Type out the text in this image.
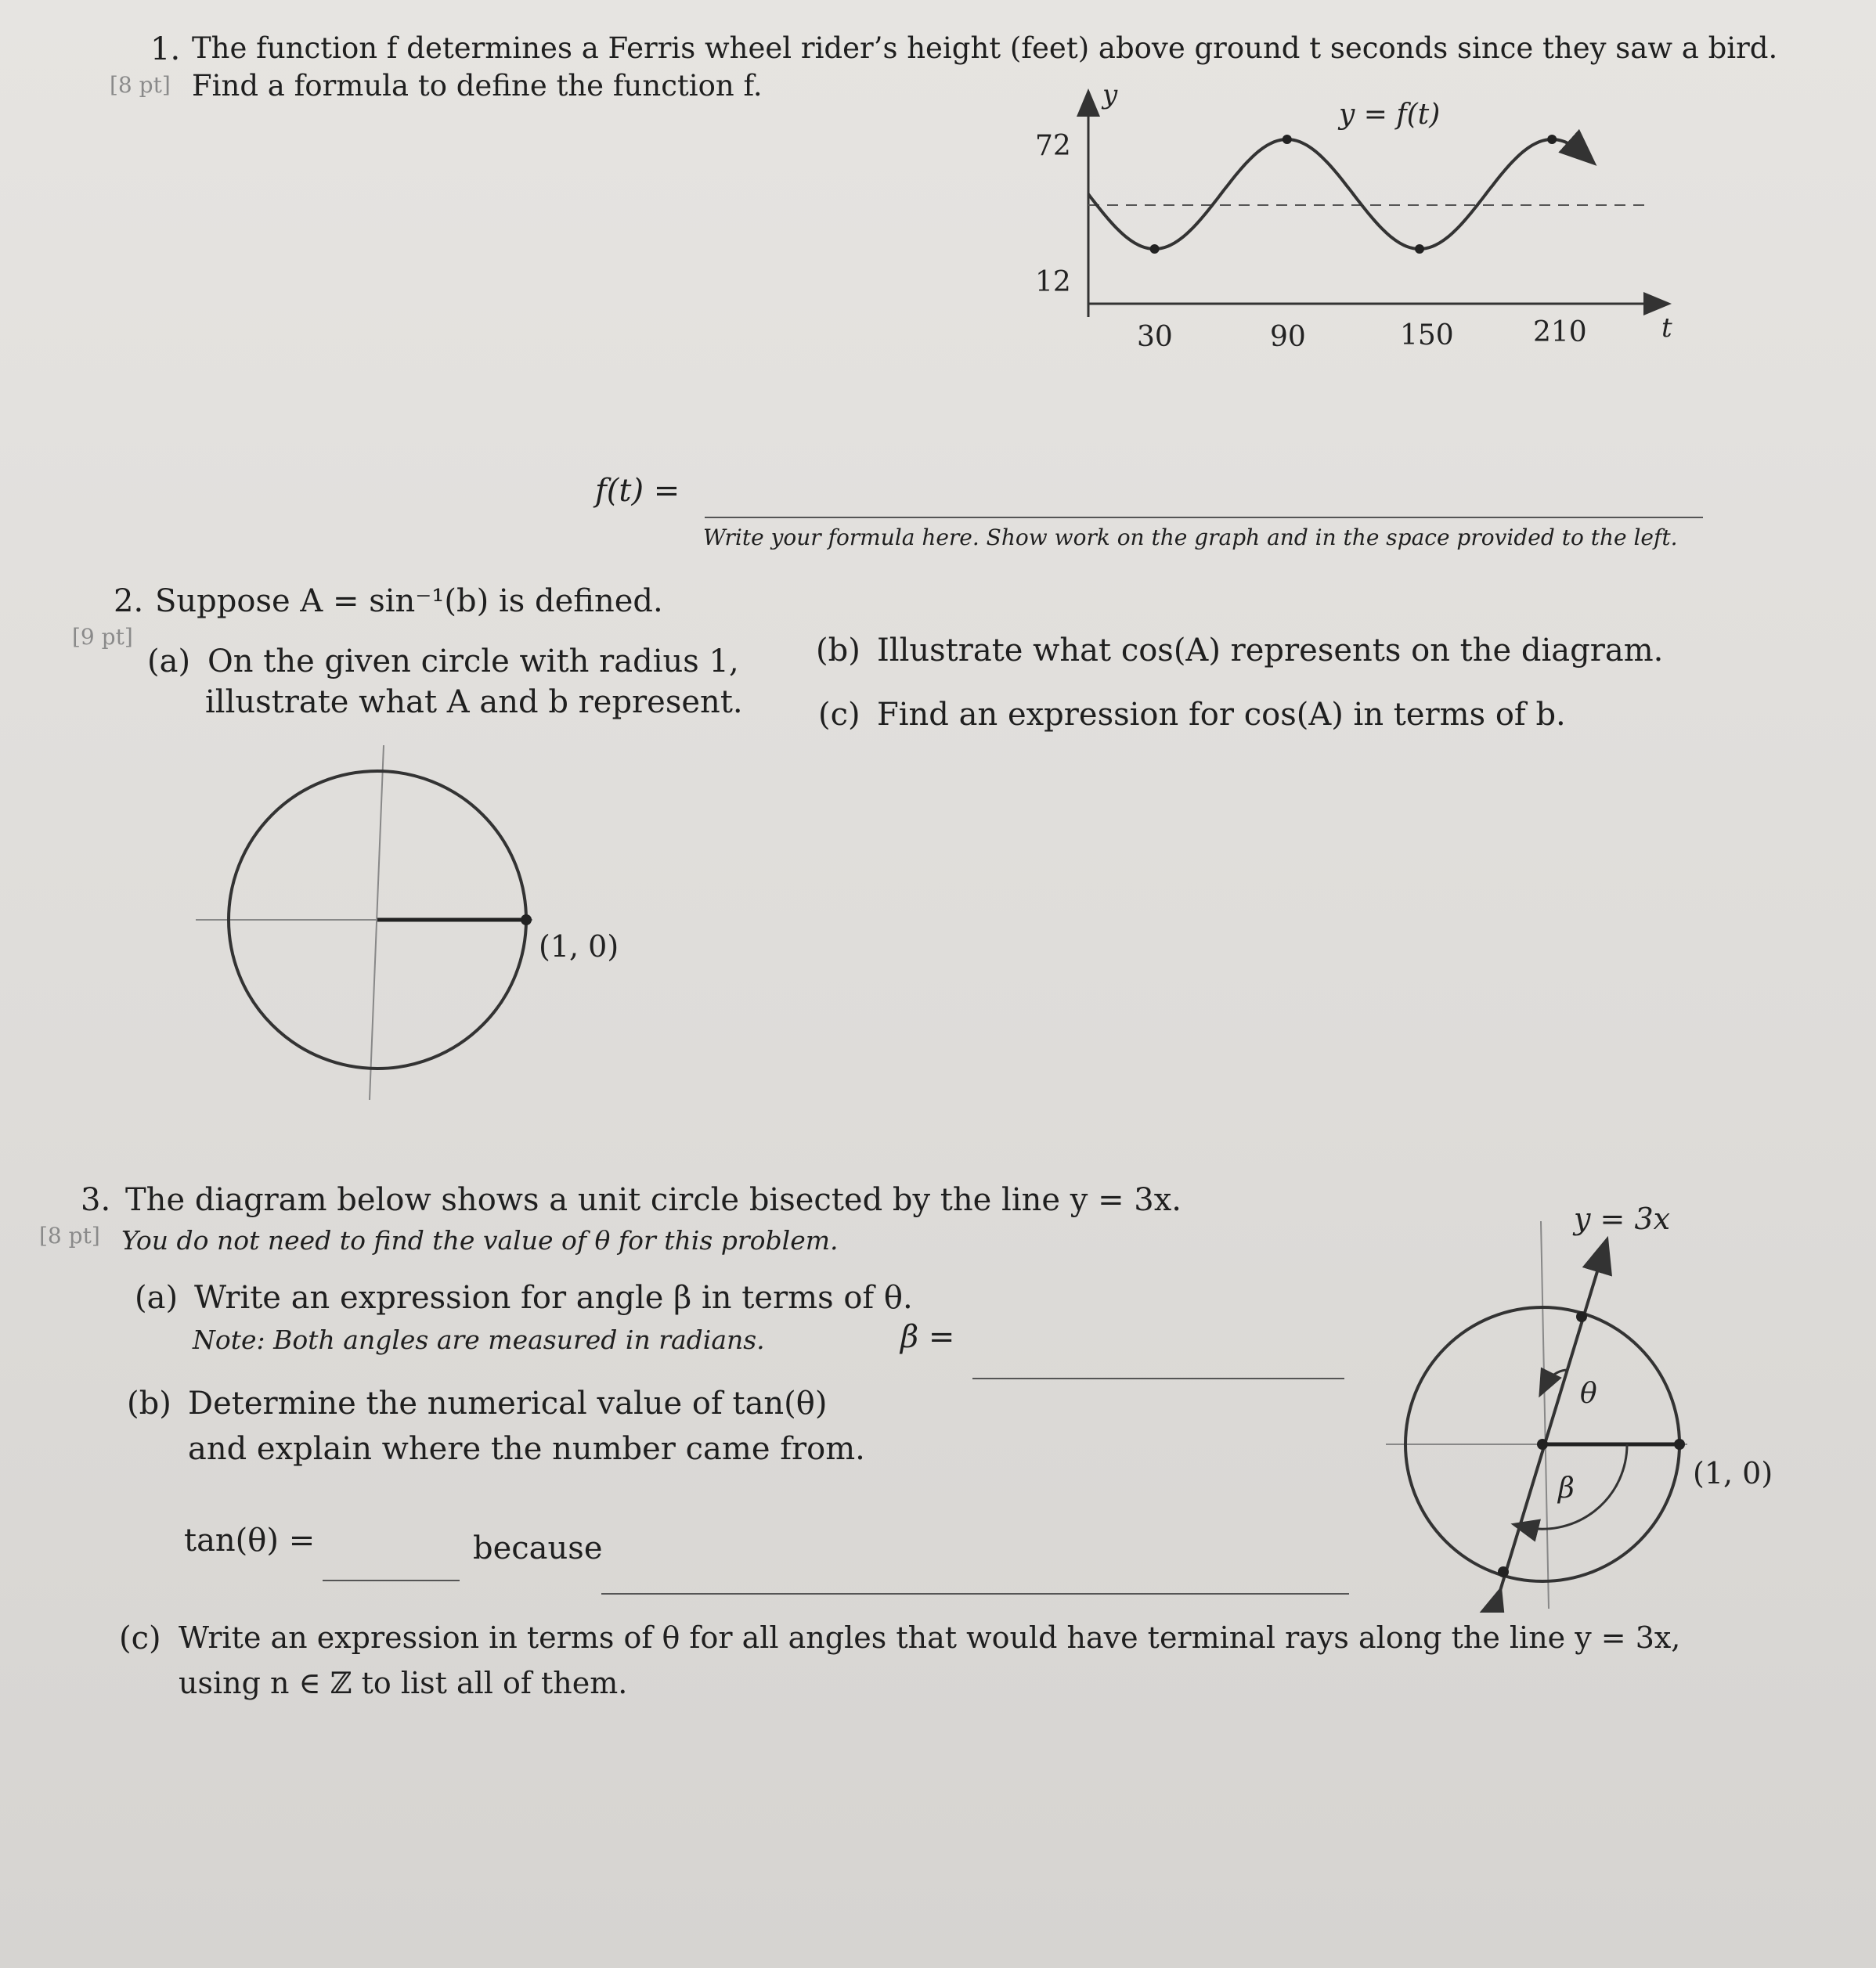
1. The function f determines a Ferris wheel rider’s height (feet) above ground t seconds since they saw a bird.
[8 pt] Find a formula to define the function f.	y
t
y = f(t)
72
12
30	90	150	210
f(t) =
Write your formula here. Show work on the graph and in the space provided to the left.
2. Suppose A = sin⁻¹(b) is defined.
[9 pt]
(a) On the given circle with radius 1,
illustrate what A and b represent.
(b) Illustrate what cos(A) represents on the diagram.
(c) Find an expression for cos(A) in terms of b.
(1, 0)
3. The diagram below shows a unit circle bisected by the line y = 3x.
[8 pt] You do not need to find the value of θ for this problem.
(a) Write an expression for angle β in terms of θ.
Note: Both angles are measured in radians.	β =
(b) Determine the numerical value of tan(θ)
and explain where the number came from.
tan(θ) =	because
(c) Write an expression in terms of θ for all angles that would have terminal rays along the line y = 3x,
using n ∈ ℤ to list all of them.
y = 3x
θ
β	(1, 0)
